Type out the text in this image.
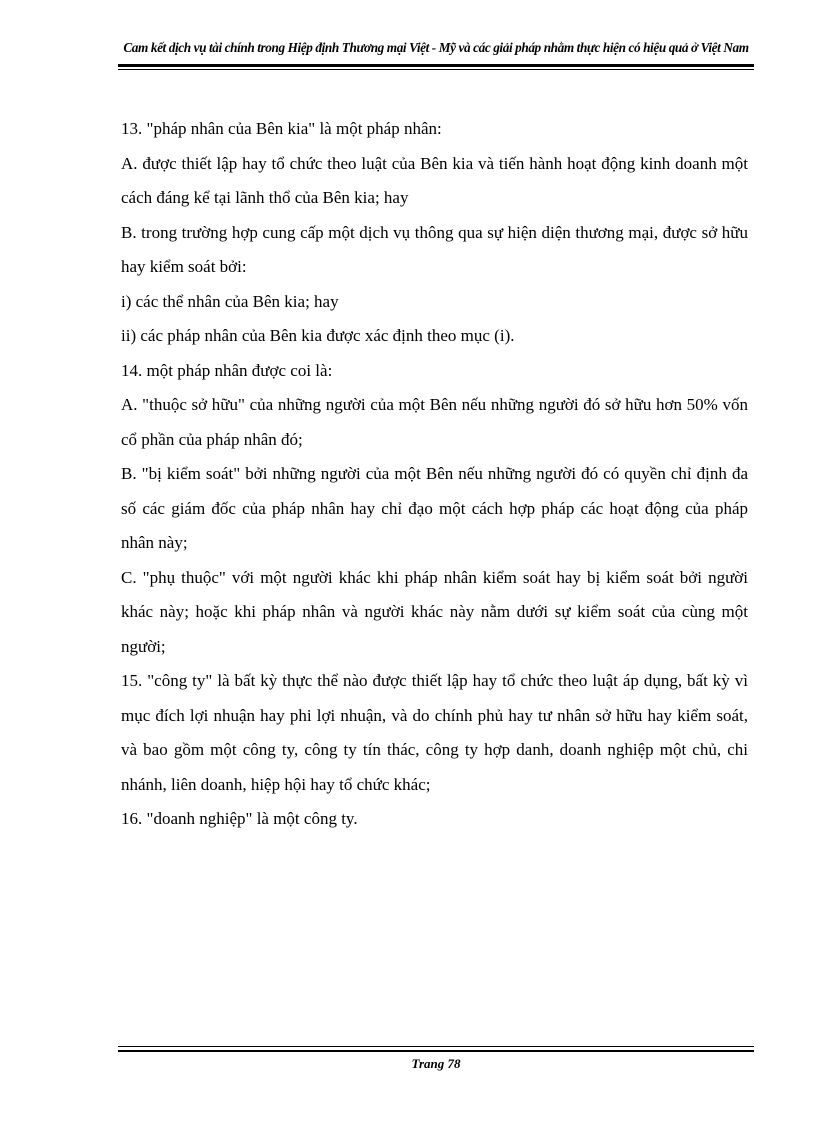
Cam kết dịch vụ tài chính trong Hiệp định Thương mại Việt - Mỹ và các giải pháp nhằm thực hiện có hiệu quả ở Việt Nam

13. "pháp nhân của Bên kia" là một pháp nhân:

A. được thiết lập hay tổ chức theo luật của Bên kia và tiến hành hoạt động kinh doanh một cách đáng kể tại lãnh thổ của Bên kia; hay

B. trong trường hợp cung cấp một dịch vụ thông qua sự hiện diện thương mại, được sở hữu hay kiểm soát bởi:

i) các thể nhân của Bên kia; hay

ii) các pháp nhân của Bên kia được xác định theo mục (i).

14. một pháp nhân được coi là:

A. "thuộc sở hữu" của những người của một Bên nếu những người đó sở hữu hơn 50% vốn cổ phần của pháp nhân đó;

B. "bị kiểm soát" bởi những người của một Bên nếu những người đó có quyền chỉ định đa số các giám đốc của pháp nhân hay chỉ đạo một cách hợp pháp các hoạt động của pháp nhân này;

C. "phụ thuộc" với một người khác khi pháp nhân kiểm soát hay bị kiểm soát bởi người khác này; hoặc khi pháp nhân và người khác này nằm dưới sự kiểm soát của cùng một người;

15. "công ty" là bất kỳ thực thể nào được thiết lập hay tổ chức theo luật áp dụng, bất kỳ vì mục đích lợi nhuận hay phi lợi nhuận, và do chính phủ hay tư nhân sở hữu hay kiểm soát, và bao gồm một công ty, công ty tín thác, công ty hợp danh, doanh nghiệp một chủ, chi nhánh, liên doanh, hiệp hội hay tổ chức khác;

16. "doanh nghiệp" là một công ty.

Trang 78
